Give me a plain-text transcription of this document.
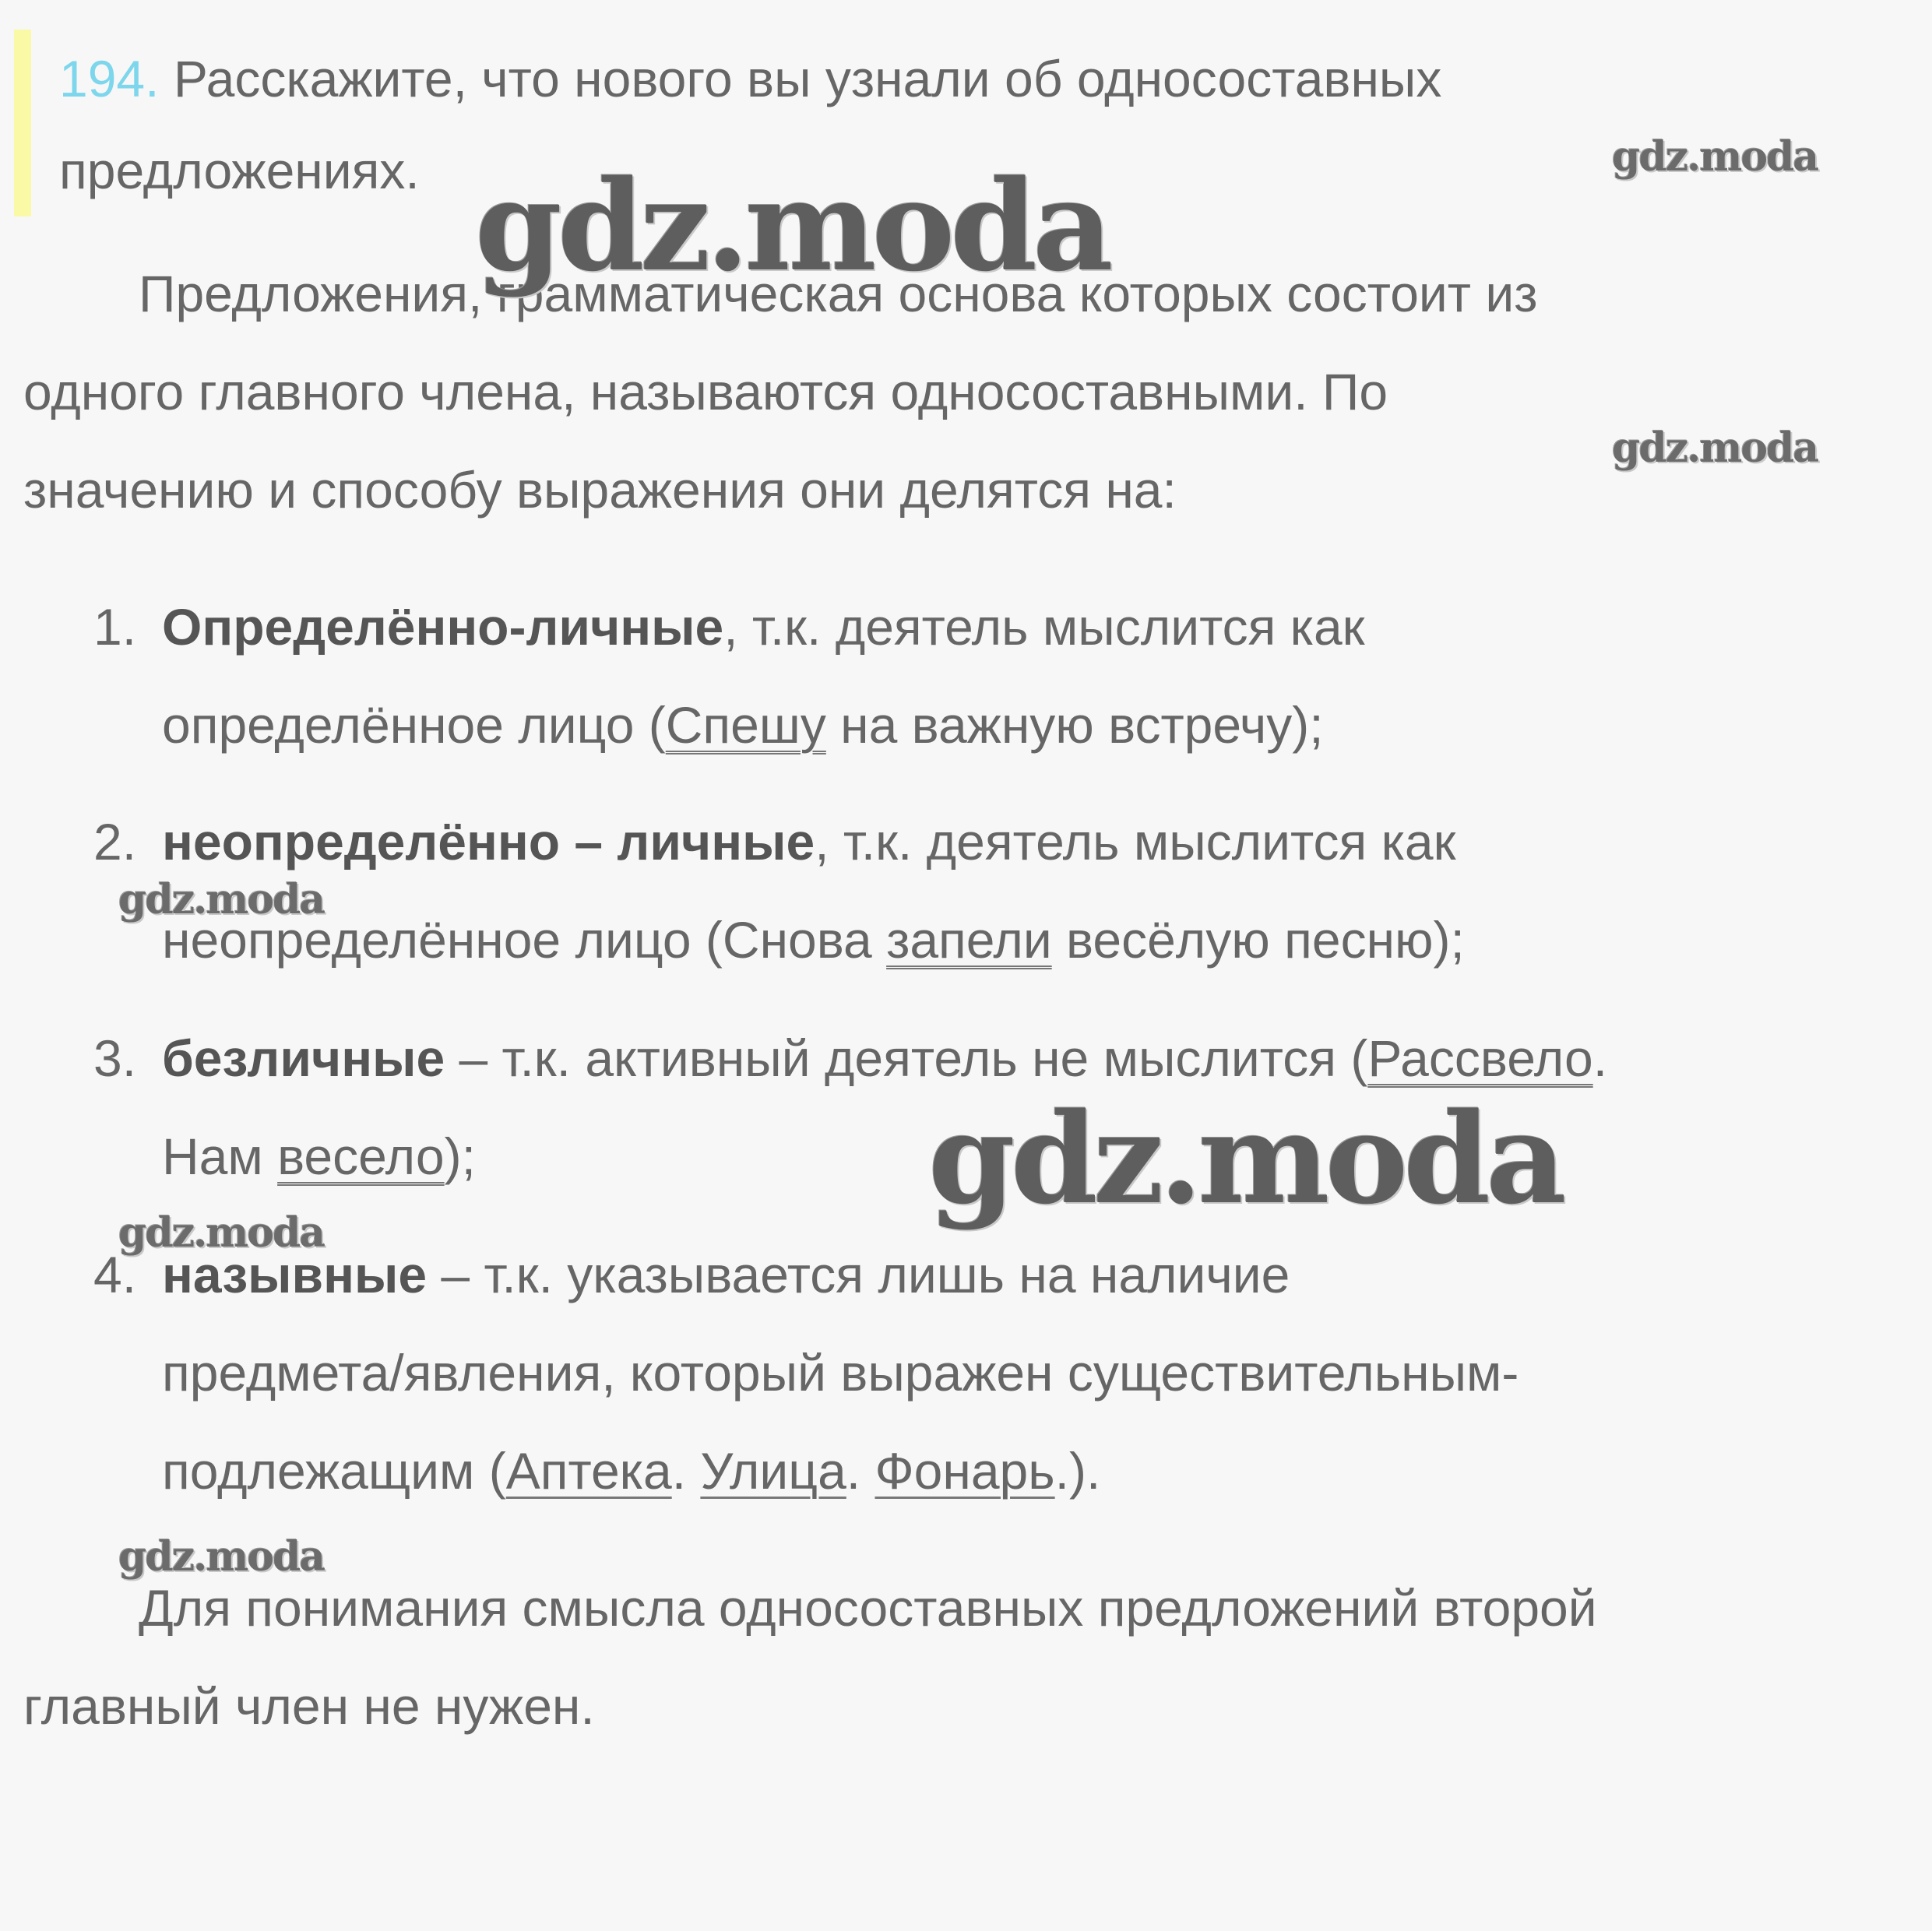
194. Расскажите, что нового вы узнали об односоставных
предложениях.
Предложения, грамматическая основа которых состоит из
одного главного члена, называются односоставными. По
значению и способу выражения они делятся на:
1. Определённо-личные, т.к. деятель мыслится как
определённое лицо (Спешу на важную встречу);
2. неопределённо – личные, т.к. деятель мыслится как
неопределённое лицо (Снова запели весёлую песню);
3. безличные – т.к. активный деятель не мыслится (Рассвело.
Нам весело);
4. назывные – т.к. указывается лишь на наличие
предмета/явления, который выражен существительным-
подлежащим (Аптека. Улица. Фонарь.).
Для понимания смысла односоставных предложений второй
главный член не нужен.
gdz.moda
gdz.moda
gdz.moda
gdz.moda
gdz.moda
gdz.moda
gdz.moda
